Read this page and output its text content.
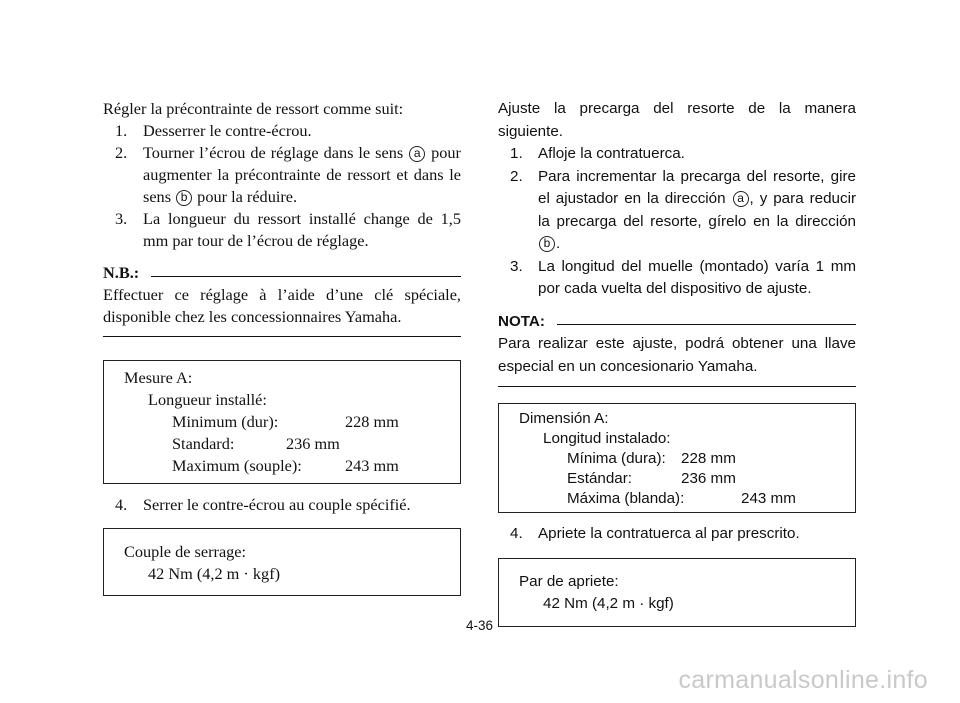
Régler la précontrainte de ressort comme suit:

1. Desserrer le contre-écrou.
2. Tourner l’écrou de réglage dans le sens a pour augmenter la précontrainte de ressort et dans le sens b pour la réduire.
3. La longueur du ressort installé change de 1,5 mm par tour de l’écrou de réglage.
N.B.:

Effectuer ce réglage à l’aide d’une clé spéciale, disponible chez les concessionnaires Yamaha.

Mesure A:
Longueur installé:
Minimum (dur):	228 mm
Standard:	236 mm
Maximum (souple):	243 mm
4. Serrer le contre-écrou au couple spécifié.
Couple de serrage:
42 Nm (4,2 m · kgf)

Ajuste la precarga del resorte de la manera siguiente.

1. Afloje la contratuerca.
2. Para incrementar la precarga del resorte, gire el ajustador en la dirección a , y para reducir la precarga del resorte, gírelo en la dirección b .
3. La longitud del muelle (montado) varía 1 mm por cada vuelta del dispositivo de ajuste.
NOTA:

Para realizar este ajuste, podrá obtener una llave especial en un concesionario Yamaha.

Dimensión A:
Longitud instalado:
Mínima (dura):	228 mm
Estándar:	236 mm
Máxima (blanda):	243 mm
4. Apriete la contratuerca al par prescrito.
Par de apriete:
42 Nm (4,2 m · kgf)
4-36
carmanualsonline.info
